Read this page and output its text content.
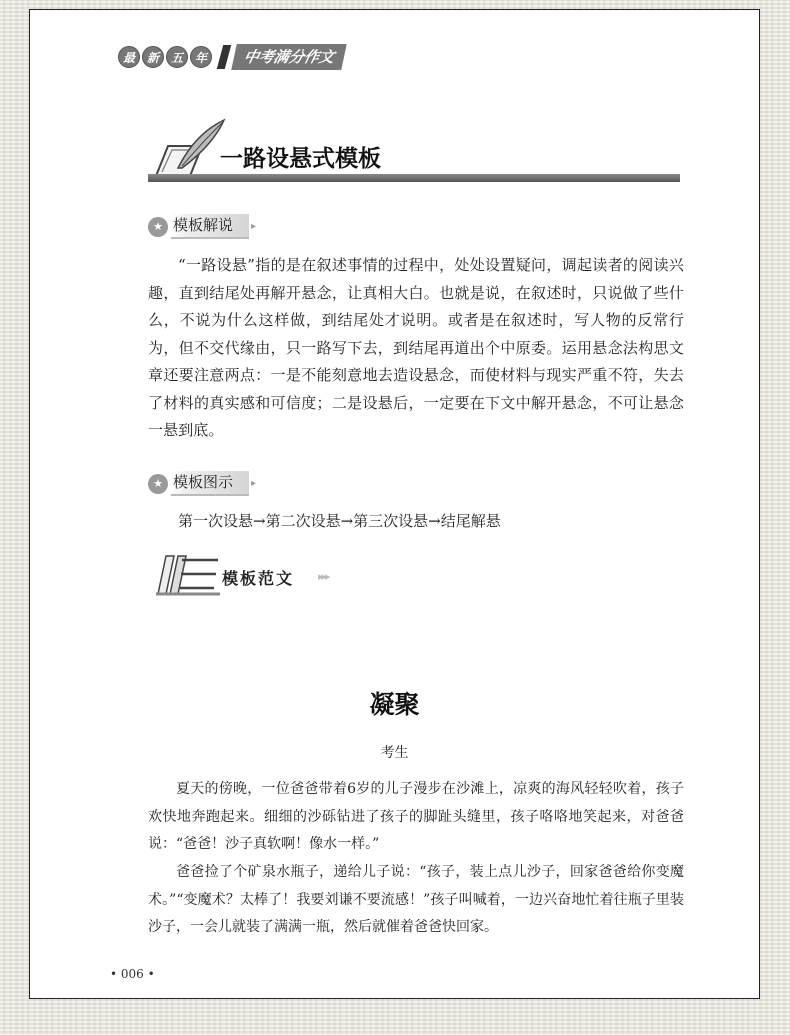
最 新 五 年	中考满分作文
一路设悬式模板
★ 模板解说	▸

“一路设悬”指的是在叙述事情的过程中，处处设置疑问，调起读者的阅读兴趣，直到结尾处再解开悬念，让真相大白。也就是说，在叙述时，只说做了些什么，不说为什么这样做，到结尾处才说明。或者是在叙述时，写人物的反常行为，但不交代缘由，只一路写下去，到结尾再道出个中原委。运用悬念法构思文章还要注意两点：一是不能刻意地去造设悬念，而使材料与现实严重不符，失去了材料的真实感和可信度；二是设悬后，一定要在下文中解开悬念，不可让悬念一悬到底。

★ 模板图示	▸
第一次设悬→第二次设悬→第三次设悬→结尾解悬
模板范文 ▸▸▸
凝聚
考生

夏天的傍晚，一位爸爸带着6岁的儿子漫步在沙滩上，凉爽的海风轻轻吹着，孩子欢快地奔跑起来。细细的沙砾钻进了孩子的脚趾头缝里，孩子咯咯地笑起来，对爸爸说：“爸爸！沙子真软啊！像水一样。”

爸爸捡了个矿泉水瓶子，递给儿子说：“孩子，装上点儿沙子，回家爸爸给你变魔术。”“变魔术？太棒了！我要刘谦不要流感！”孩子叫喊着，一边兴奋地忙着往瓶子里装沙子，一会儿就装了满满一瓶，然后就催着爸爸快回家。

• 006 •
